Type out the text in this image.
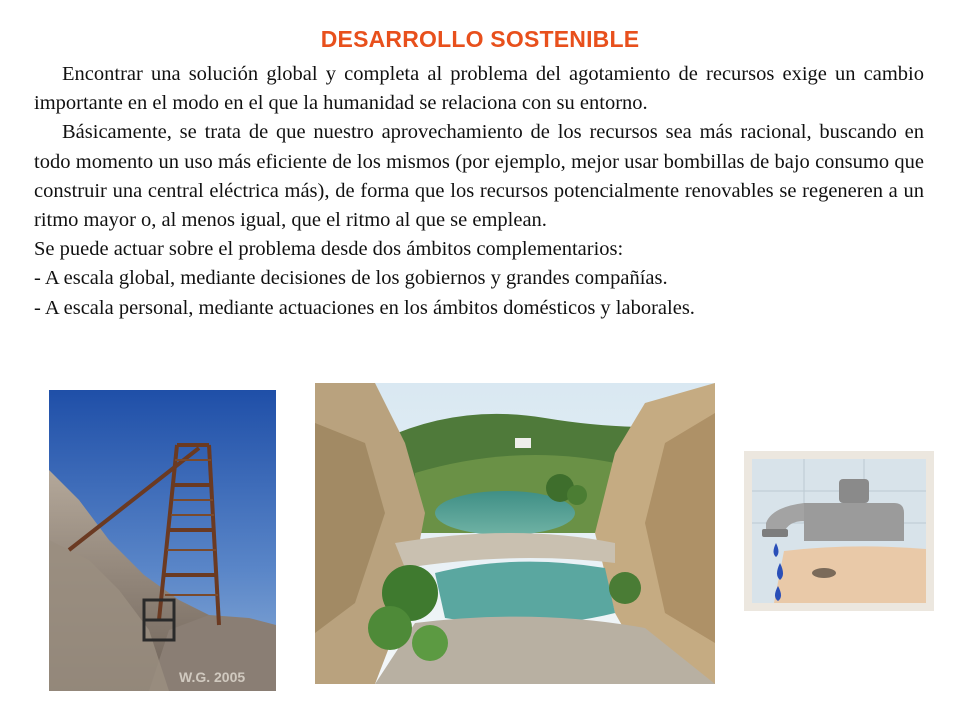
DESARROLLO SOSTENIBLE

Encontrar una solución global y completa al problema del agotamiento de recursos exige un cambio importante en el modo en el que la humanidad se relaciona con su entorno.

Básicamente, se trata de que nuestro aprovechamiento de los recursos sea más racional, buscando en todo momento un uso más eficiente de los mismos (por ejemplo, mejor usar bombillas de bajo consumo que construir una central eléctrica más), de forma que los recursos potencialmente renovables se regeneren a un ritmo mayor o, al menos igual, que el ritmo al que se emplean.

Se puede actuar sobre el problema desde dos ámbitos complementarios:

- A escala global, mediante decisiones de los gobiernos y grandes compañías.

- A escala personal, mediante actuaciones en los ámbitos domésticos y laborales.

W.G. 2005
